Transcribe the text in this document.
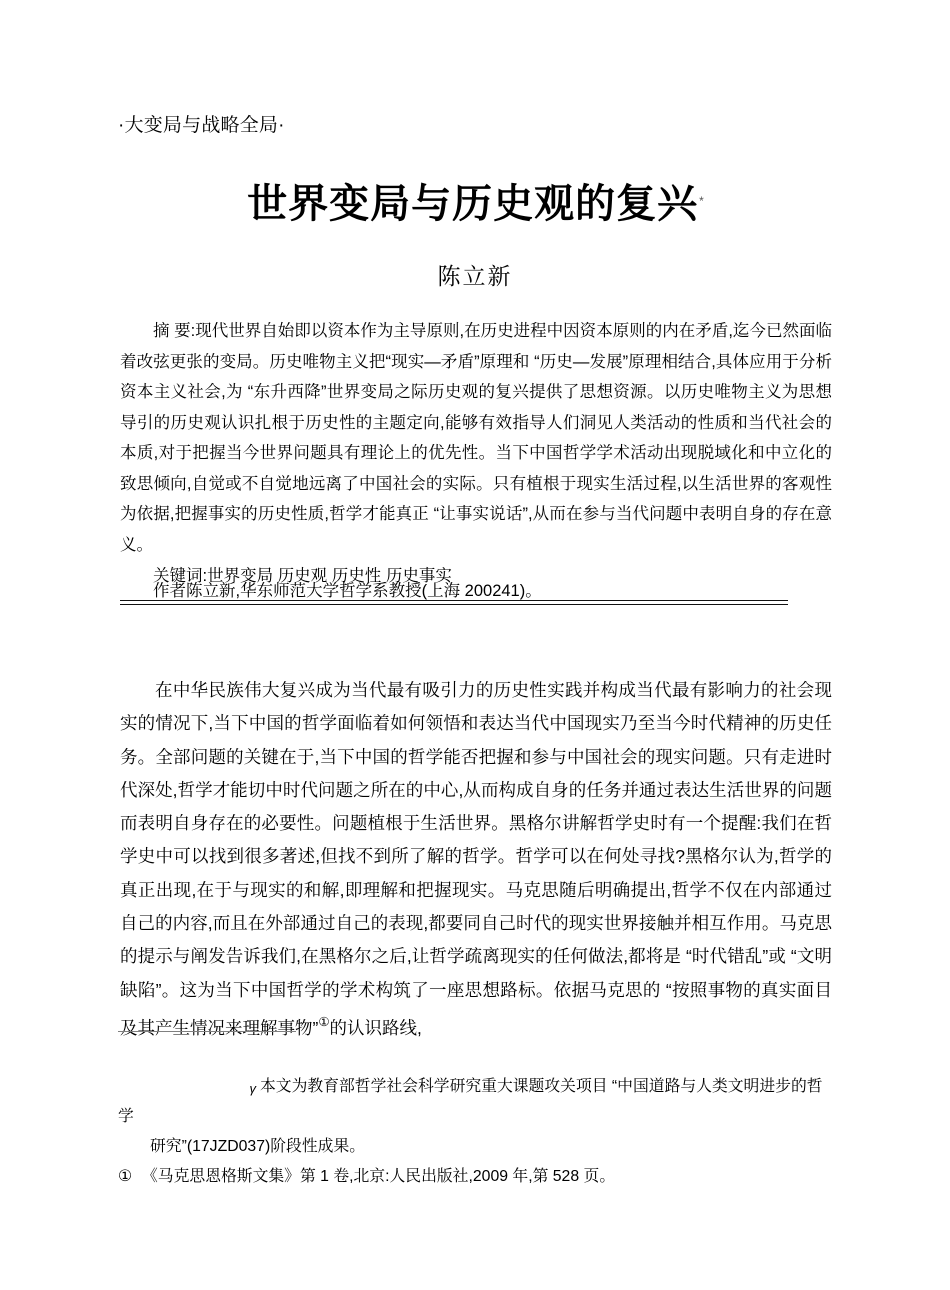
·大变局与战略全局·
世界变局与历史观的复兴*
陈立新

摘 要:现代世界自始即以资本作为主导原则,在历史进程中因资本原则的内在矛盾,迄今已然面临着改弦更张的变局。历史唯物主义把“现实—矛盾”原理和 “历史—发展”原理相结合,具体应用于分析资本主义社会,为 “东升西降”世界变局之际历史观的复兴提供了思想资源。以历史唯物主义为思想导引的历史观认识扎根于历史性的主题定向,能够有效指导人们洞见人类活动的性质和当代社会的本质,对于把握当今世界问题具有理论上的优先性。当下中国哲学学术活动出现脱域化和中立化的致思倾向,自觉或不自觉地远离了中国社会的实际。只有植根于现实生活过程,以生活世界的客观性为依据,把握事实的历史性质,哲学才能真正 “让事实说话”,从而在参与当代问题中表明自身的存在意义。

关键词:世界变局 历史观 历史性 历史事实

作者陈立新,华东师范大学哲学系教授(上海 200241)。

在中华民族伟大复兴成为当代最有吸引力的历史性实践并构成当代最有影响力的社会现实的情况下,当下中国的哲学面临着如何领悟和表达当代中国现实乃至当今时代精神的历史任务。全部问题的关键在于,当下中国的哲学能否把握和参与中国社会的现实问题。只有走进时代深处,哲学才能切中时代问题之所在的中心,从而构成自身的任务并通过表达生活世界的问题而表明自身存在的必要性。问题植根于生活世界。黑格尔讲解哲学史时有一个提醒:我们在哲学史中可以找到很多著述,但找不到所了解的哲学。哲学可以在何处寻找?黑格尔认为,哲学的真正出现,在于与现实的和解,即理解和把握现实。马克思随后明确提出,哲学不仅在内部通过自己的内容,而且在外部通过自己的表现,都要同自己时代的现实世界接触并相互作用。马克思的提示与阐发告诉我们,在黑格尔之后,让哲学疏离现实的任何做法,都将是 “时代错乱”或 “文明缺陷”。这为当下中国哲学的学术构筑了一座思想路标。依据马克思的 “按照事物的真实面目及其产生情况来理解事物”①的认识路线,

γ 本文为教育部哲学社会科学研究重大课题攻关项目 “中国道路与人类文明进步的哲学
研究”(17JZD037)阶段性成果。

① 《马克思恩格斯文集》第 1 卷,北京:人民出版社,2009 年,第 528 页。
